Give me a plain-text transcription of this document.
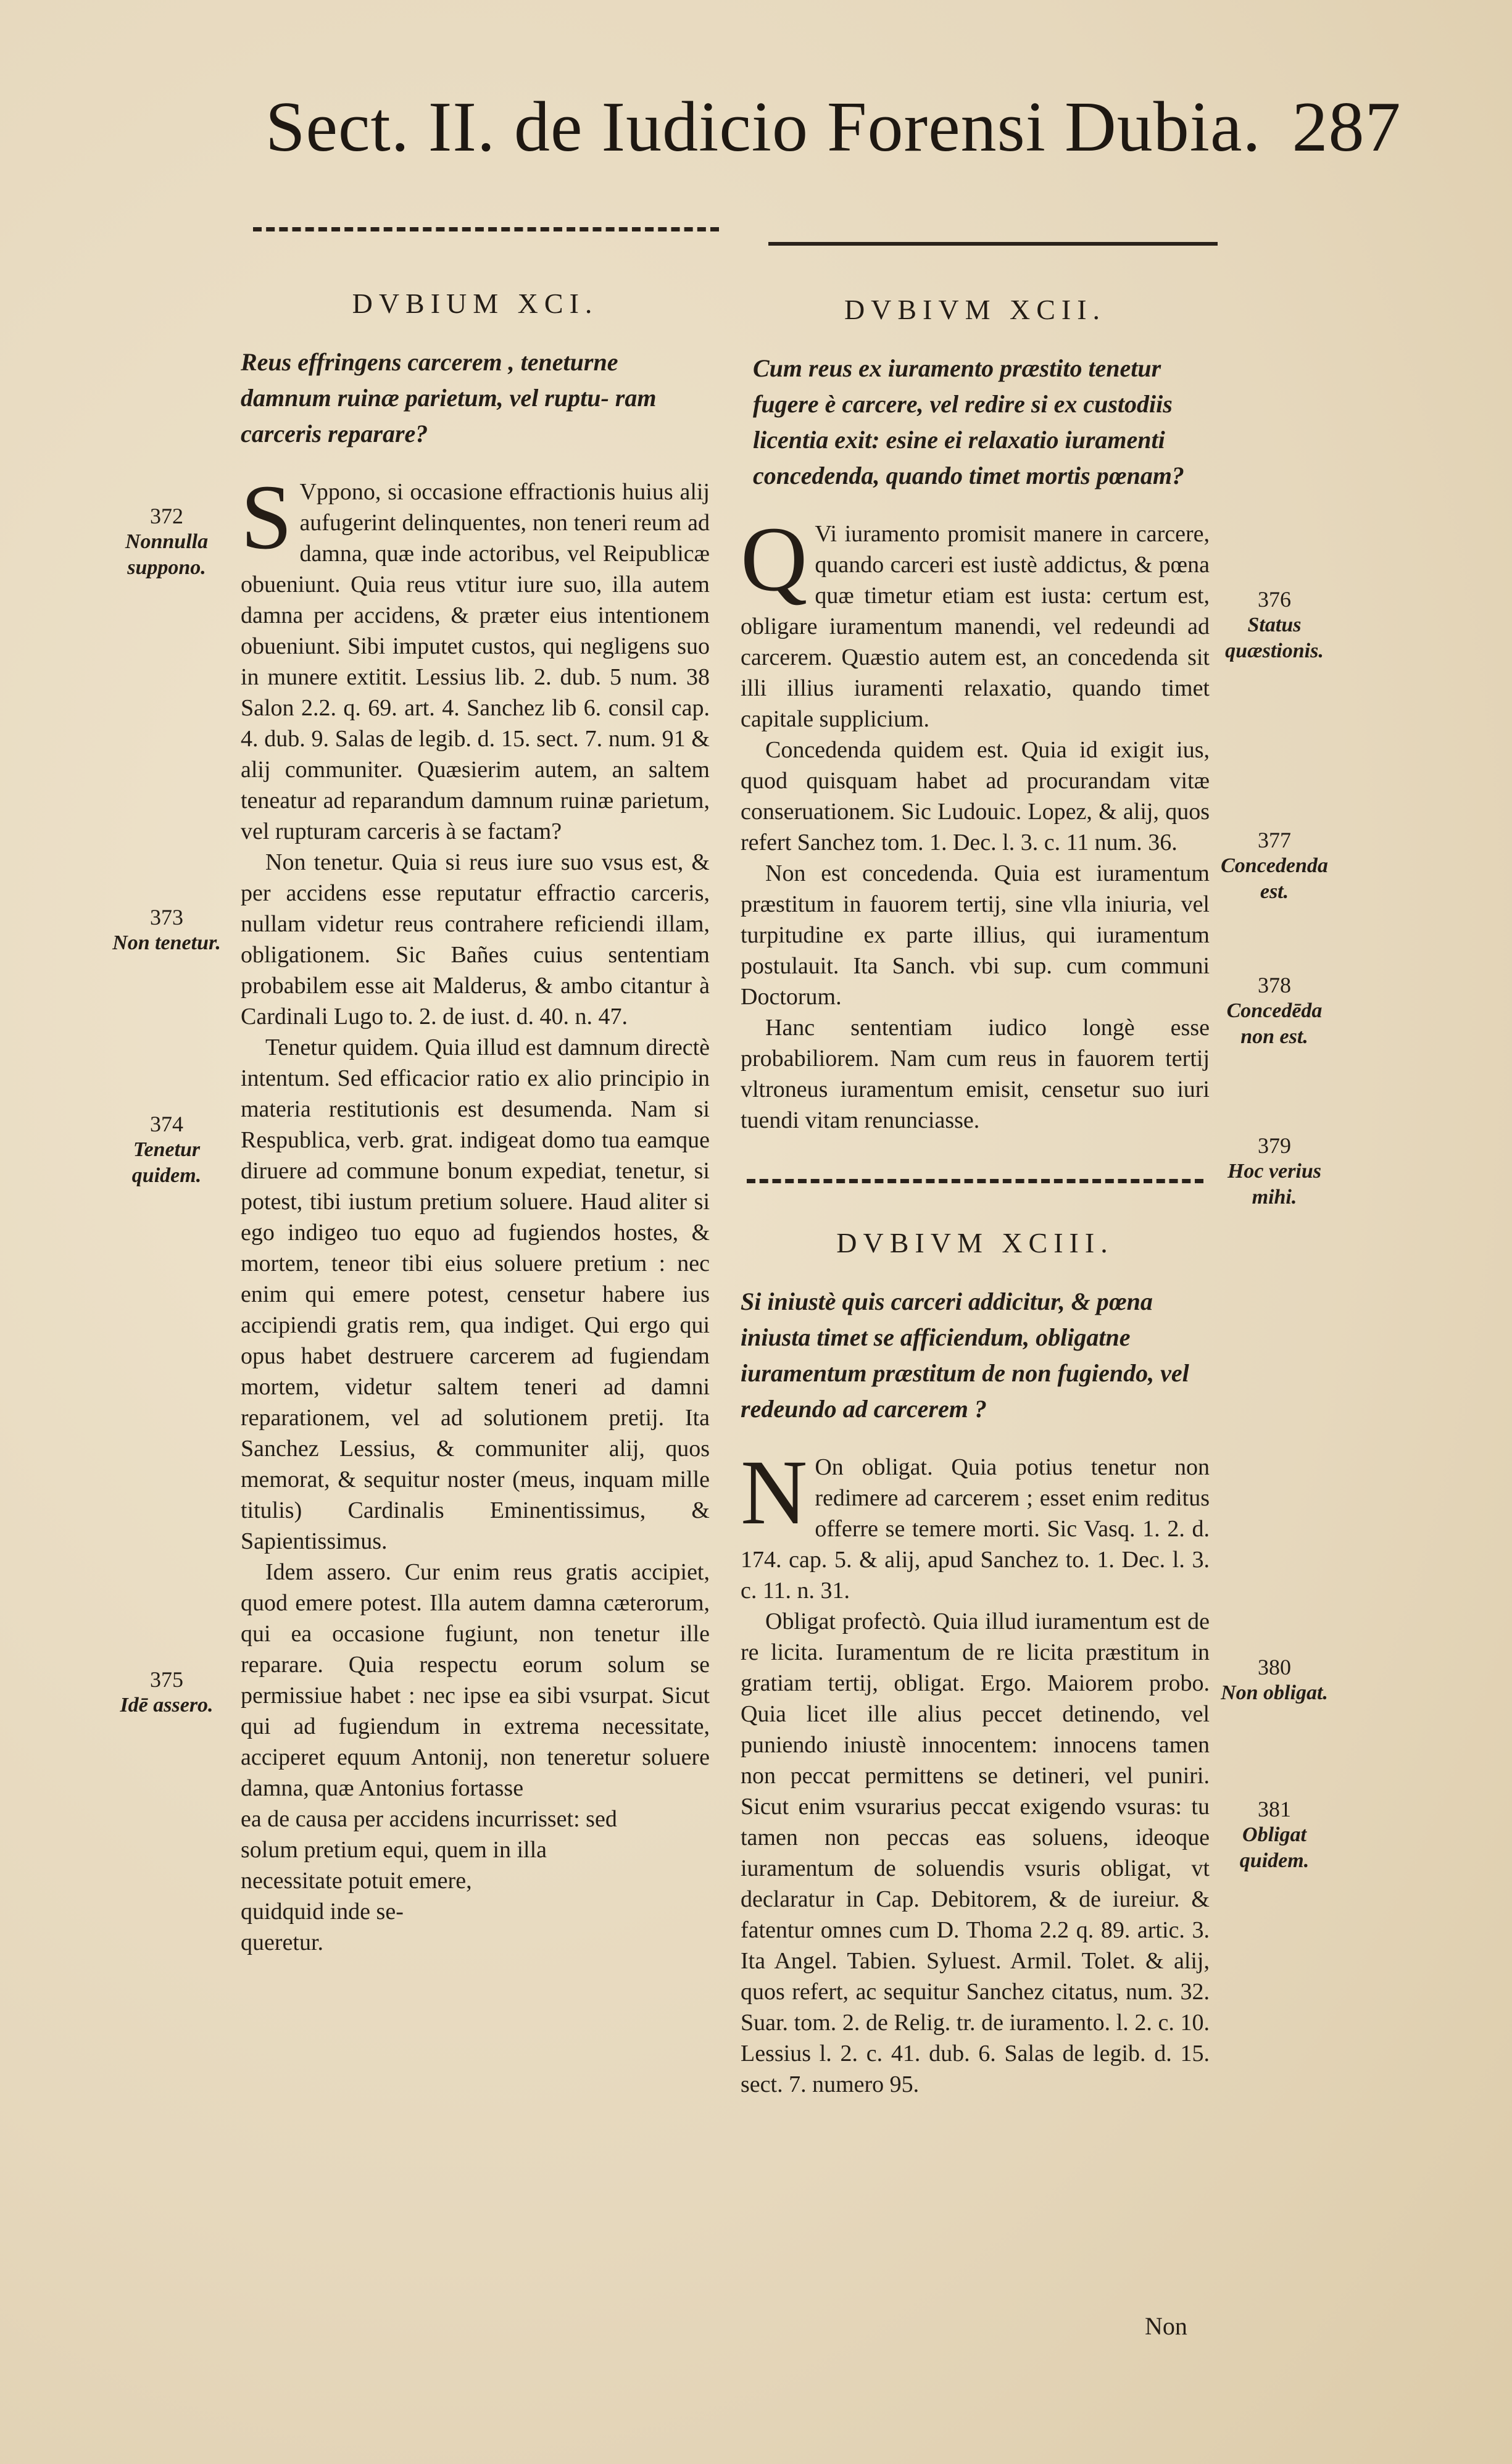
Sect. II. de Iudicio Forensi Dubia. 287
DVBIUM XCI.

Reus effringens carcerem , teneturne damnum ruinæ parietum, vel ruptu- ram carceris reparare?

S Vppono, si occasione effractionis huius alij aufugerint delinquentes, non teneri reum ad damna, quæ inde actoribus, vel Reipublicæ obueniunt. Quia reus vtitur iure suo, illa autem damna per accidens, & præter eius intentionem obueniunt. Sibi imputet custos, qui negligens suo in munere extitit. Lessius lib. 2. dub. 5 num. 38 Salon 2.2. q. 69. art. 4. Sanchez lib 6. consil cap. 4. dub. 9. Salas de legib. d. 15. sect. 7. num. 91 & alij communiter. Quæsierim autem, an saltem teneatur ad reparandum damnum ruinæ parietum, vel rupturam carceris à se factam?

Non tenetur. Quia si reus iure suo vsus est, & per accidens esse reputatur effractio carceris, nullam videtur reus contrahere reficiendi illam, obligationem. Sic Bañes cuius sententiam probabilem esse ait Malderus, & ambo citantur à Cardinali Lugo to. 2. de iust. d. 40. n. 47.

Tenetur quidem. Quia illud est damnum directè intentum. Sed efficacior ratio ex alio principio in materia restitutionis est desumenda. Nam si Respublica, verb. grat. indigeat domo tua eamque diruere ad commune bonum expediat, tenetur, si potest, tibi iustum pretium soluere. Haud aliter si ego indigeo tuo equo ad fugiendos hostes, & mortem, teneor tibi eius soluere pretium : nec enim qui emere potest, censetur habere ius accipiendi gratis rem, qua indiget. Qui ergo qui opus habet destruere carcerem ad fugiendam mortem, videtur saltem teneri ad damni reparationem, vel ad solutionem pretij. Ita Sanchez Lessius, & communiter alij, quos memorat, & sequitur noster (meus, inquam mille titulis) Cardinalis Eminentissimus, & Sapientissimus.

Idem assero. Cur enim reus gratis accipiet, quod emere potest. Illa autem damna cæterorum, qui ea occasione fugiunt, non tenetur ille reparare. Quia respectu eorum solum se permissiue habet : nec ipse ea sibi vsurpat. Sicut qui ad fugiendum in extrema necessitate, acciperet equum Antonij, non teneretur soluere damna, quæ Antonius fortasse

ea de causa per accidens incurrisset: sed
solum pretium equi, quem in illa
necessitate potuit emere,
quidquid inde se-
queretur.
372
Nonnulla suppono.
373
Non tenetur.
374
Tenetur quidem.
375
Idē assero.
DVBIVM XCII.

Cum reus ex iuramento præstito tenetur fugere è carcere, vel redire si ex custodiis licentia exit: esine ei relaxatio iuramenti concedenda, quando timet mortis pœnam?

Q Vi iuramento promisit manere in carcere, quando carceri est iustè addictus, & pœna quæ timetur etiam est iusta: certum est, obligare iuramentum manendi, vel redeundi ad carcerem. Quæstio autem est, an concedenda sit illi illius iuramenti relaxatio, quando timet capitale supplicium.

Concedenda quidem est. Quia id exigit ius, quod quisquam habet ad procurandam vitæ conseruationem. Sic Ludouic. Lopez, & alij, quos refert Sanchez tom. 1. Dec. l. 3. c. 11 num. 36.

Non est concedenda. Quia est iuramentum præstitum in fauorem tertij, sine vlla iniuria, vel turpitudine ex parte illius, qui iuramentum postulauit. Ita Sanch. vbi sup. cum communi Doctorum.

Hanc sententiam iudico longè esse probabiliorem. Nam cum reus in fauorem tertij vltroneus iuramentum emisit, censetur suo iuri tuendi vitam renunciasse.

DVBIVM XCIII.

Si iniustè quis carceri addicitur, & pœna iniusta timet se afficiendum, obligatne iuramentum præstitum de non fugiendo, vel redeundo ad carcerem ?

N On obligat. Quia potius tenetur non redimere ad carcerem ; esset enim reditus offerre se temere morti. Sic Vasq. 1. 2. d. 174. cap. 5. & alij, apud Sanchez to. 1. Dec. l. 3. c. 11. n. 31.

Obligat profectò. Quia illud iuramentum est de re licita. Iuramentum de re licita præstitum in gratiam tertij, obligat. Ergo. Maiorem probo. Quia licet ille alius peccet detinendo, vel puniendo iniustè innocentem: innocens tamen non peccat permittens se detineri, vel puniri. Sicut enim vsurarius peccat exigendo vsuras: tu tamen non peccas eas soluens, ideoque iuramentum de soluendis vsuris obligat, vt declaratur in Cap. Debitorem, & de iureiur. & fatentur omnes cum D. Thoma 2.2 q. 89. artic. 3. Ita Angel. Tabien. Syluest. Armil. Tolet. & alij, quos refert, ac sequitur Sanchez citatus, num. 32. Suar. tom. 2. de Relig. tr. de iuramento. l. 2. c. 10. Lessius l. 2. c. 41. dub. 6. Salas de legib. d. 15. sect. 7. numero 95.

376
Status quæstionis.
377
Concedenda est.
378
Concedēda non est.
379
Hoc verius mihi.
380
Non obligat.
381
Obligat quidem.
Non
